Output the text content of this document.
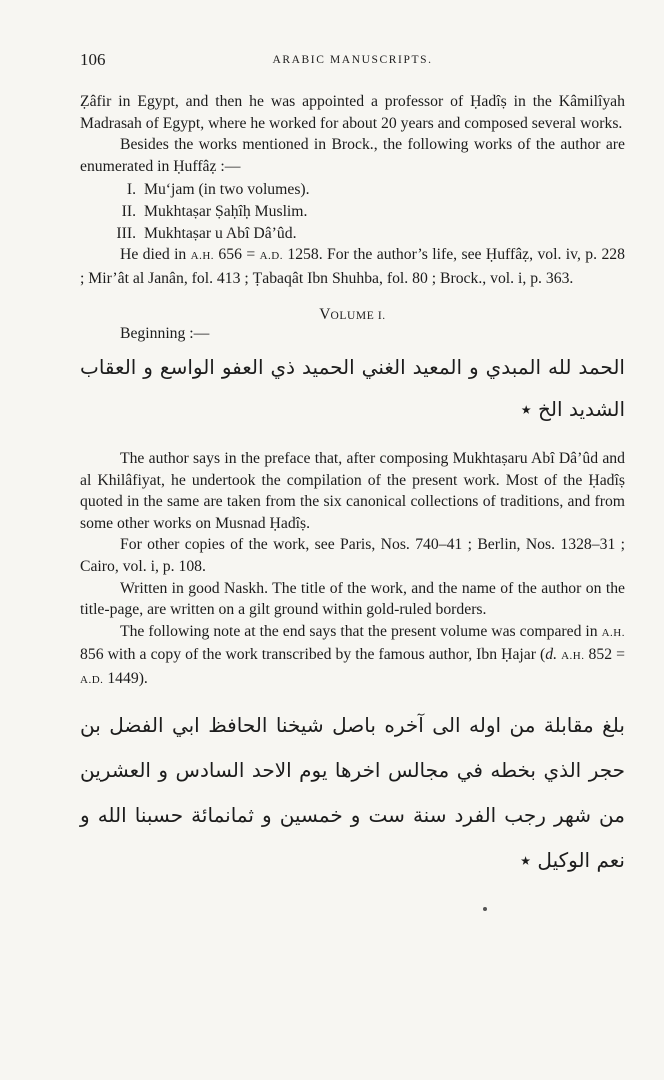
106	ARABIC MANUSCRIPTS.

Ẓâfir in Egypt, and then he was appointed a professor of Ḥadîṣ in the Kâmilîyah Madrasah of Egypt, where he worked for about 20 years and composed several works.

Besides the works mentioned in Brock., the following works of the author are enumerated in Ḥuffâẓ :—

I. Mu‘jam (in two volumes).
II. Mukhtaṣar Ṣaḥîḥ Muslim.
III. Mukhtaṣar u Abî Dâ’ûd.

He died in A.H. 656 = A.D. 1258. For the author’s life, see Ḥuffâẓ, vol. iv, p. 228 ; Mir’ât al Janân, fol. 413 ; Ṭabaqât Ibn Shuhba, fol. 80 ; Brock., vol. i, p. 363.

VOLUME I.

Beginning :—

الحمد لله المبدي و المعيد الغني الحميد ذي العفو الواسع و العقاب الشديد الخ ٭

The author says in the preface that, after composing Mukhtaṣaru Abî Dâ’ûd and al Khilâfiyat, he undertook the compilation of the present work. Most of the Ḥadîṣ quoted in the same are taken from the six canonical collections of traditions, and from some other works on Musnad Ḥadîṣ.

For other copies of the work, see Paris, Nos. 740–41 ; Berlin, Nos. 1328–31 ; Cairo, vol. i, p. 108.

Written in good Naskh. The title of the work, and the name of the author on the title-page, are written on a gilt ground within gold-ruled borders.

The following note at the end says that the present volume was compared in A.H. 856 with a copy of the work transcribed by the famous author, Ibn Ḥajar (d. A.H. 852 = A.D. 1449).

بلغ مقابلة من اوله الى آخره باصل شيخنا الحافظ ابي الفضل بن حجر الذي بخطه في مجالس اخرها يوم الاحد السادس و العشرين من شهر رجب الفرد سنة ست و خمسين و ثمانمائة حسبنا الله و نعم الوكيل ٭
